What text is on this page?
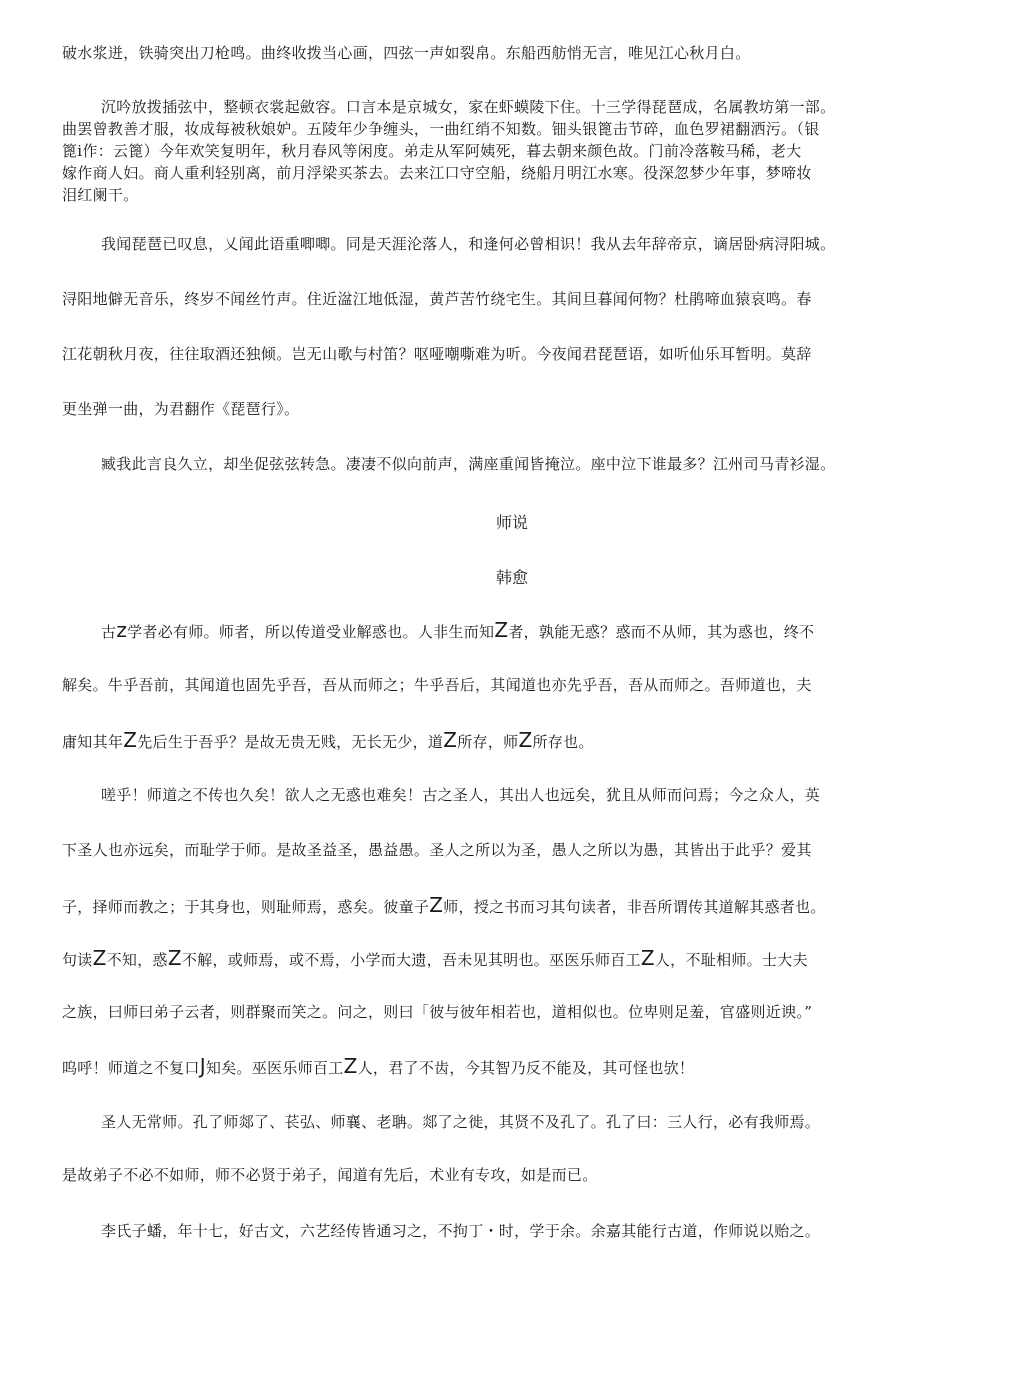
破水浆迸，铁骑突出刀枪鸣。曲终收拨当心画，四弦一声如裂帛。东船西舫悄无言，唯见江心秋月白。
沉吟放拨插弦中，整顿衣裳起斂容。口言本是京城女，家在虾蟆陵下住。十三学得琵琶成，名属教坊第一部。
曲罢曾教善才服，妆成每被秋娘妒。五陵年少争缠头，一曲红绡不知数。钿头银篦击节碎，血色罗裙翻洒污。（银
篦i作：云篦）今年欢笑复明年，秋月春风等闲度。弟走从军阿姨死，暮去朝来颜色故。门前冷落鞍马稀，老大
嫁作商人妇。商人重利轻别离，前月浮梁买茶去。去来江口守空船，绕船月明江水寒。役深忽梦少年事，梦啼妆
泪红阑干。
我闻琵琶已叹息，乂闻此语重唧唧。同是天涯沦落人，和逢何必曾相识！我从去年辞帝京，谪居卧病浔阳城。
浔阳地僻无音乐，终岁不闻丝竹声。住近湓江地低湿，黄芦苦竹绕宅生。其间旦暮闻何物？杜鹃啼血猿哀鸣。春
江花朝秋月夜，往往取酒还独倾。岂无山歌与村笛？呕哑嘲嘶难为听。今夜闻君琵琶语，如听仙乐耳暂明。莫辞
更坐弹一曲，为君翻作《琵琶行》。
臧我此言良久立，却坐促弦弦转急。凄凄不似向前声，满座重闻皆掩泣。座中泣下谁最多？江州司马青衫湿。
师说
韩愈
古z学者必有师。师者，所以传道受业解惑也。人非生而知Z者，孰能无惑？惑而不从师，其为惑也，终不
解矣。牛乎吾前，其闻道也固先乎吾，吾从而师之；牛乎吾后，其闻道也亦先乎吾，吾从而师之。吾师道也，夫
庸知其年Z先后生于吾乎？是故无贵无贱，无长无少，道Z所存，师Z所存也。
嗟乎！师道之不传也久矣！欲人之无惑也难矣！古之圣人，其出人也远矣，犹且从师而问焉；今之众人，英
下圣人也亦远矣，而耻学于师。是故圣益圣，愚益愚。圣人之所以为圣，愚人之所以为愚，其皆出于此乎？爱其
子，择师而教之；于其身也，则耻师焉，惑矣。彼童子Z师，授之书而习其句读者，非吾所谓传其道解其惑者也。
句读Z不知，惑Z不解，或师焉，或不焉，小学而大遗，吾未见其明也。巫医乐师百工Z人，不耻相师。士大夫
之族，曰师曰弟子云者，则群聚而笑之。问之，则曰「彼与彼年相若也，道相似也。位卑则足羞，官盛则近谀。”
呜呼！师道之不复口J知矣。巫医乐师百工Z人，君了不齿，今其智乃反不能及，其可怪也欤！
圣人无常师。孔了师郯了、苌弘、师襄、老聃。郯了之徙，其贤不及孔了。孔了曰：三人行，必有我师焉。
是故弟子不必不如师，师不必贤于弟子，闻道有先后，术业有专攻，如是而已。
李氏子蟠，年十七，好古文，六艺经传皆通习之，不拘丁・时，学于余。余嘉其能行古道，作师说以贻之。
